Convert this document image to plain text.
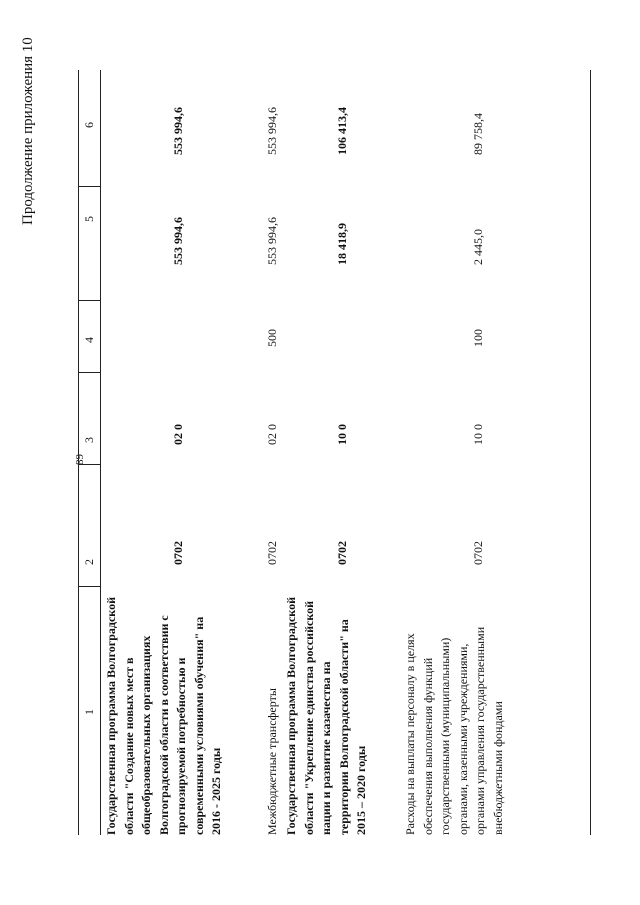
Продолжение приложения 10
89
1
2
3
4
5
6
Государственная программа Волгоградской области "Создание новых мест в общеобразовательных организациях Волгоградской области в соответствии с прогнозируемой потребностью и современными условиями обучения" на 2016 - 2025 годы
0702
02 0
553 994,6
553 994,6
Межбюджетные трансферты
0702
02 0
500
553 994,6
553 994,6
Государственная программа Волгоградской области "Укрепление единства российской нации и развитие казачества на территории Волгоградской области" на 2015 – 2020 годы
0702
10 0
18 418,9
106 413,4
Расходы на выплаты персоналу в целях обеспечения выполнения функций государственными (муниципальными) органами, казенными учреждениями, органами управления государственными внебюджетными фондами
0702
10 0
100
2 445,0
89 758,4
